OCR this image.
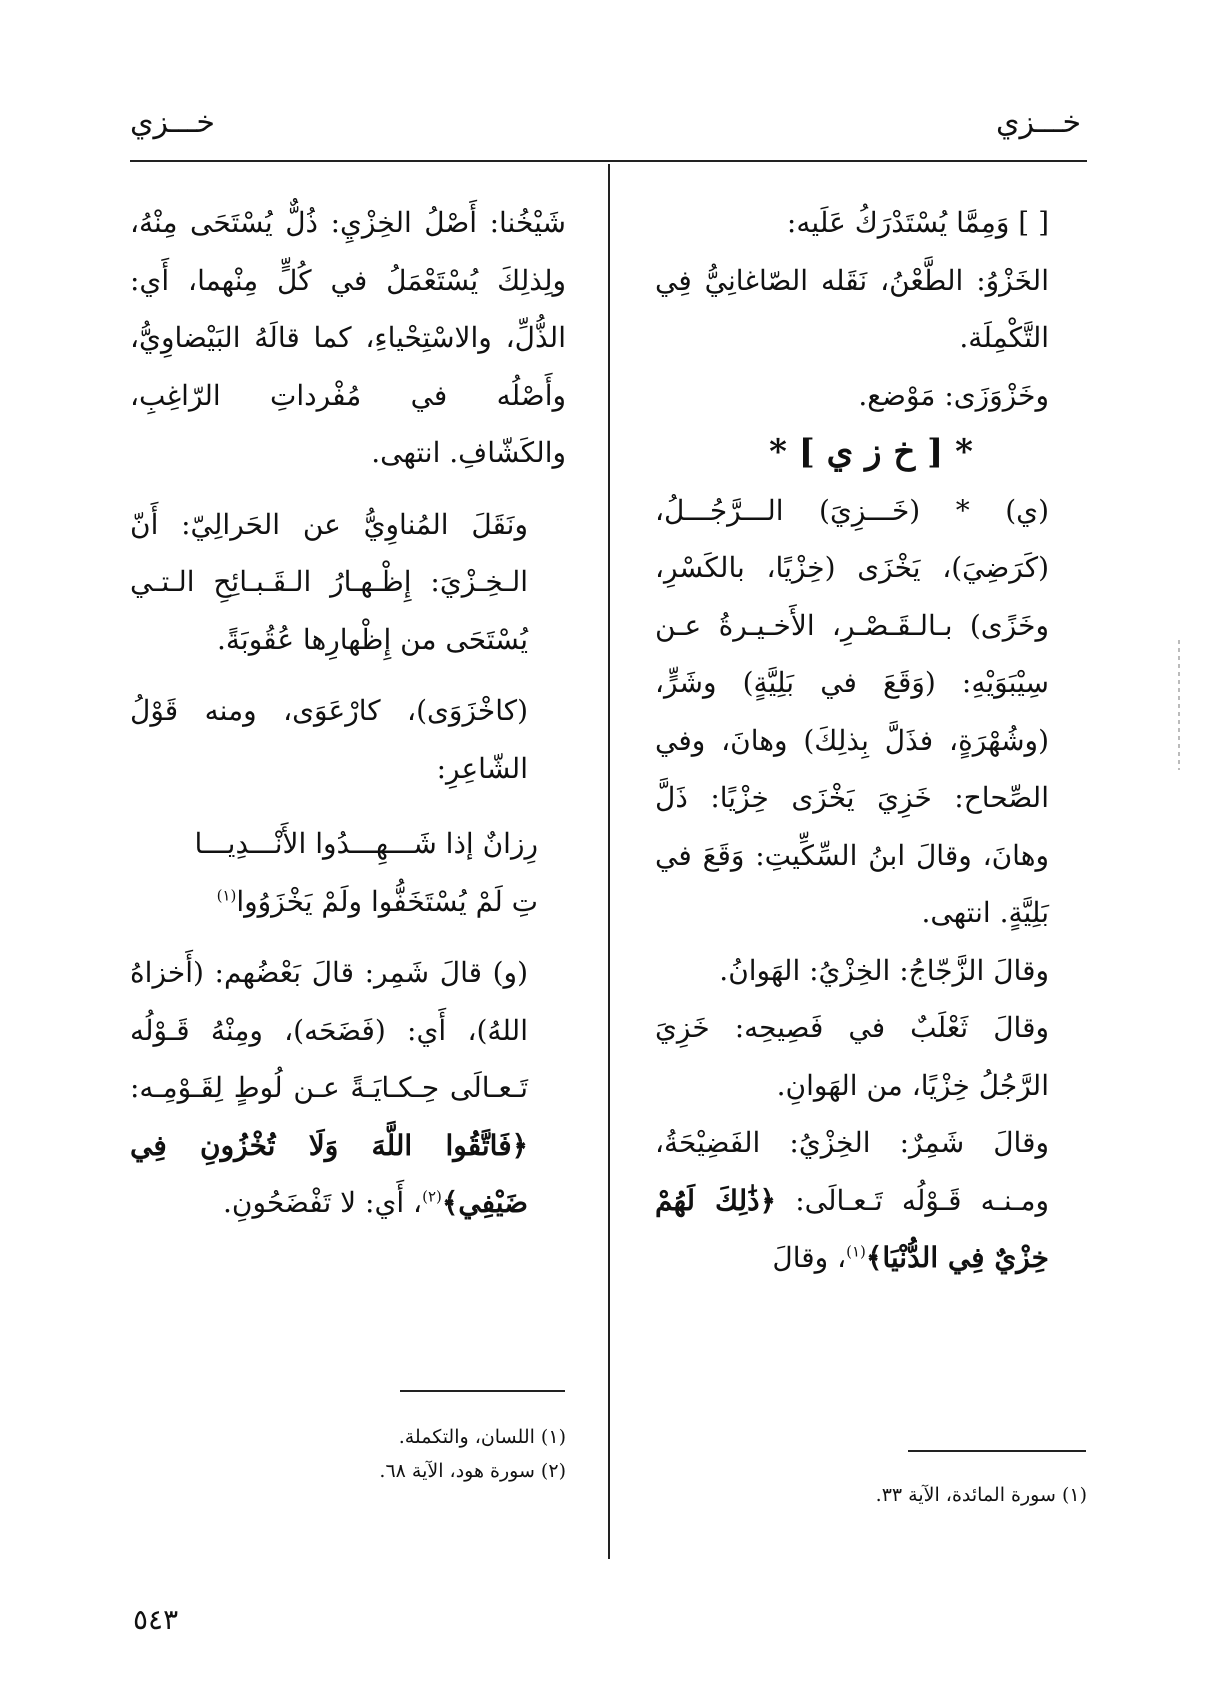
خـــزي	خـــزي

[ ] وَمِمَّا يُسْتَدْرَكُ عَلَيه:

الخَزْوُ: الطَّعْنُ، نَقَله الصّاغانِيُّ فِي التَّكْمِلَة.

وخَزْوَزَى: مَوْضع.

* [ خ ز ي ] *

(ي) * (خَـــزِيَ) الـــرَّجُـــلُ، (كَرَضِيَ)، يَخْزَى (خِزْيًا، بالكَسْرِ، وخَزًى) بـالـقَـصْـرِ، الأَخـيـرةُ عـن سِيْبَوَيْهِ: (وَقَعَ في بَلِيَّةٍ) وشَرٍّ، (وشُهْرَةٍ، فذَلَّ بِذلِكَ) وهانَ، وفي الصِّحاح: خَزِيَ يَخْزَى خِزْيًا: ذَلَّ وهانَ، وقالَ ابنُ السِّكِّيتِ: وَقَعَ في بَلِيَّةٍ. انتهى.

وقالَ الزَّجّاجُ: الخِزْيُ: الهَوانُ.

وقالَ ثَعْلَبٌ في فَصِيحِه: خَزِيَ الرَّجُلُ خِزْيًا، من الهَوانِ.

وقالَ شَمِرٌ: الخِزْيُ: الفَضِيْحَةُ، ومـنـه قَـوْلُه تَـعـالَى: ﴿ذَٰلِكَ لَهُمْ خِزْيٌ فِي الدُّنْيَا﴾$^{(١)}$، وقالَ

شَيْخُنا: أَصْلُ الخِزْيِ: ذُلٌّ يُسْتَحَى مِنْهُ، ولِذلِكَ يُسْتَعْمَلُ في كُلٍّ مِنْهما، أَي: الذُّلِّ، والاسْتِحْياءِ، كما قالَهُ البَيْضاوِيُّ، وأَصْلُه في مُفْرداتِ الرّاغِبِ، والكَشّافِ. انتهى.

ونَقَلَ المُناوِيُّ عن الحَرالِيّ: أَنّ الـخِـزْيَ: إِظْـهـارُ الـقَـبـائِحِ الـتـي يُسْتَحَى من إِظْهارِها عُقُوبَةً.

(كاخْزَوَى)، كارْعَوَى، ومنه قَوْلُ الشّاعِرِ:

رِزانٌ إذا شَـــهِـــدُوا الأَنْـــدِيـــا

تِ لَمْ يُسْتَخَفُّوا ولَمْ يَخْزَوُوا$^{(١)}$

(و) قالَ شَمِر: قالَ بَعْضُهم: (أَخزاهُ اللهُ)، أَي: (فَضَحَه)، ومِنْهُ قَـوْلُه تَـعـالَى حِـكـايَـةً عـن لُوطٍ لِقَـوْمِـه: ﴿فَاتَّقُوا اللَّهَ وَلَا تُخْزُونِ فِي ضَيْفِي﴾$^{(٢)}$، أَي: لا تَفْضَحُونِ.

(١) اللسان، والتكملة.
(٢) سورة هود، الآية ٦٨.
(١) سورة المائدة، الآية ٣٣.
٥٤٣
